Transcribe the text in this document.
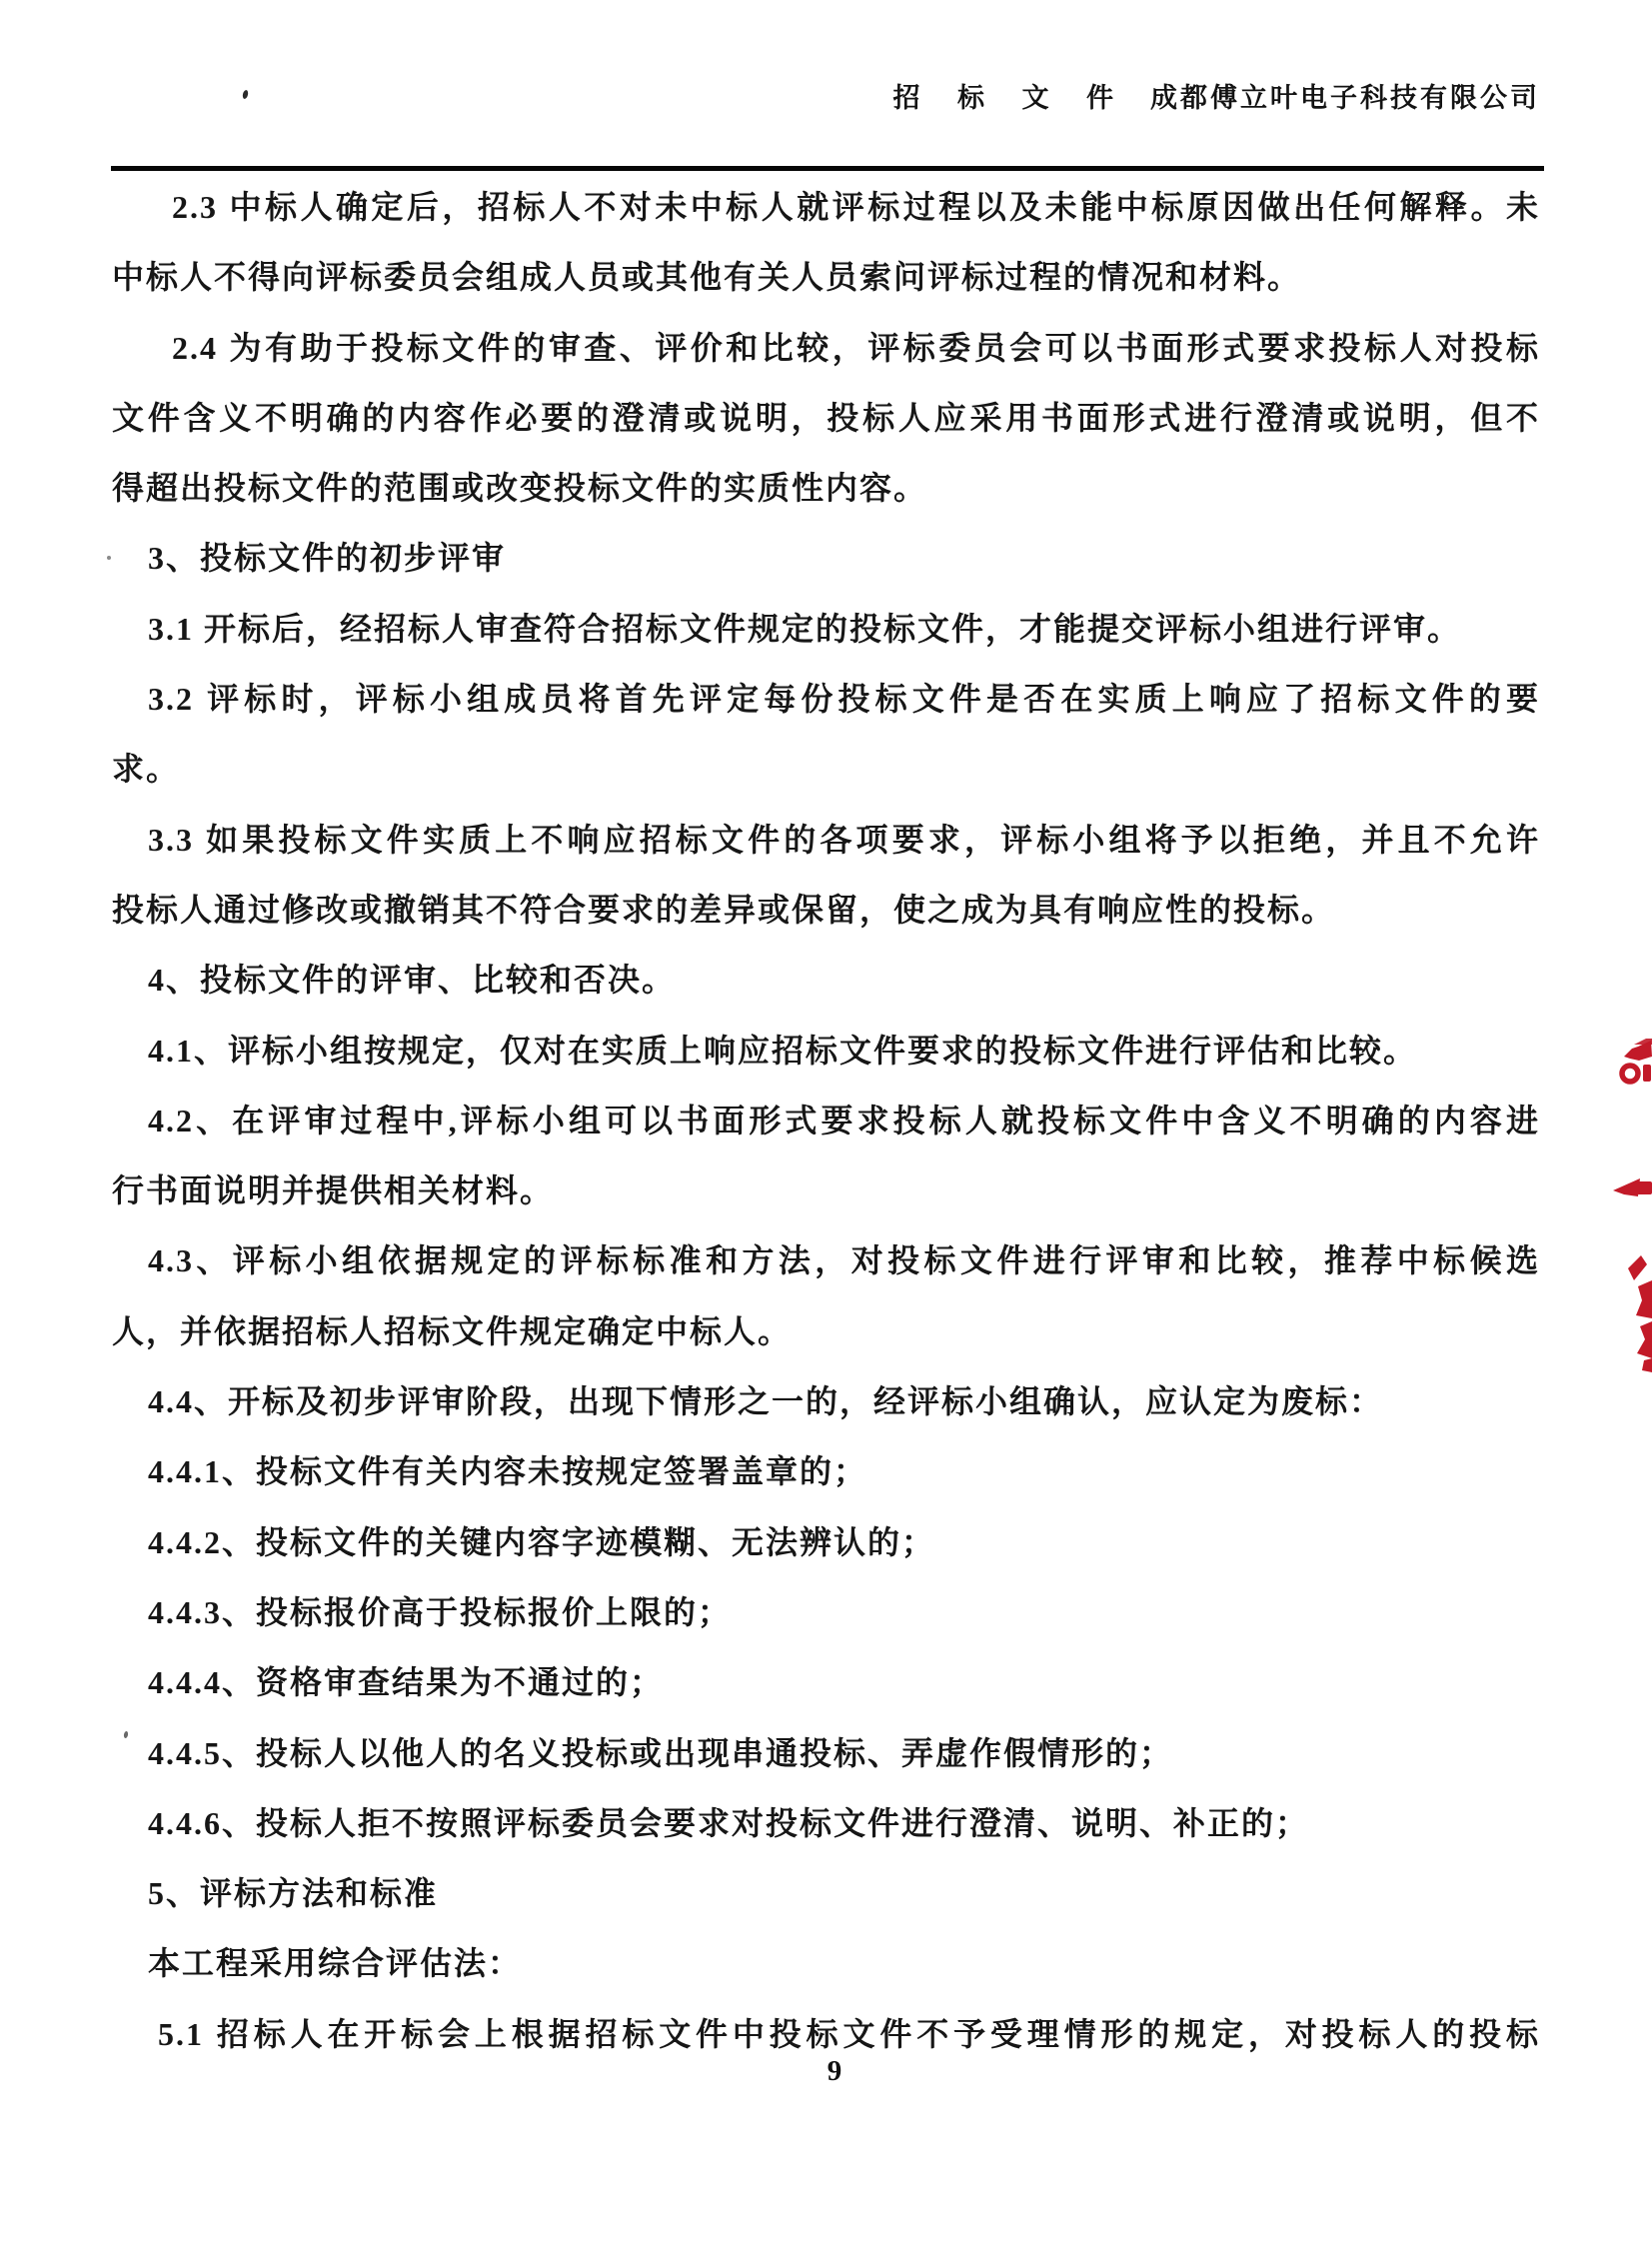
招 标 文 件 成都傅立叶电子科技有限公司
2.3 中标人确定后，招标人不对未中标人就评标过程以及未能中标原因做出任何解释。未
中标人不得向评标委员会组成人员或其他有关人员索问评标过程的情况和材料。
2.4 为有助于投标文件的审查、评价和比较，评标委员会可以书面形式要求投标人对投标
文件含义不明确的内容作必要的澄清或说明，投标人应采用书面形式进行澄清或说明，但不
得超出投标文件的范围或改变投标文件的实质性内容。
3、投标文件的初步评审
3.1 开标后，经招标人审查符合招标文件规定的投标文件，才能提交评标小组进行评审。
3.2 评标时，评标小组成员将首先评定每份投标文件是否在实质上响应了招标文件的要
求。
3.3 如果投标文件实质上不响应招标文件的各项要求，评标小组将予以拒绝，并且不允许
投标人通过修改或撤销其不符合要求的差异或保留，使之成为具有响应性的投标。
4、投标文件的评审、比较和否决。
4.1、评标小组按规定，仅对在实质上响应招标文件要求的投标文件进行评估和比较。
4.2、在评审过程中,评标小组可以书面形式要求投标人就投标文件中含义不明确的内容进
行书面说明并提供相关材料。
4.3、评标小组依据规定的评标标准和方法，对投标文件进行评审和比较，推荐中标候选
人，并依据招标人招标文件规定确定中标人。
4.4、开标及初步评审阶段，出现下情形之一的，经评标小组确认，应认定为废标：
4.4.1、投标文件有关内容未按规定签署盖章的；
4.4.2、投标文件的关键内容字迹模糊、无法辨认的；
4.4.3、投标报价高于投标报价上限的；
4.4.4、资格审查结果为不通过的；
4.4.5、投标人以他人的名义投标或出现串通投标、弄虚作假情形的；
4.4.6、投标人拒不按照评标委员会要求对投标文件进行澄清、说明、补正的；
5、评标方法和标准
本工程采用综合评估法：
5.1 招标人在开标会上根据招标文件中投标文件不予受理情形的规定，对投标人的投标
9
